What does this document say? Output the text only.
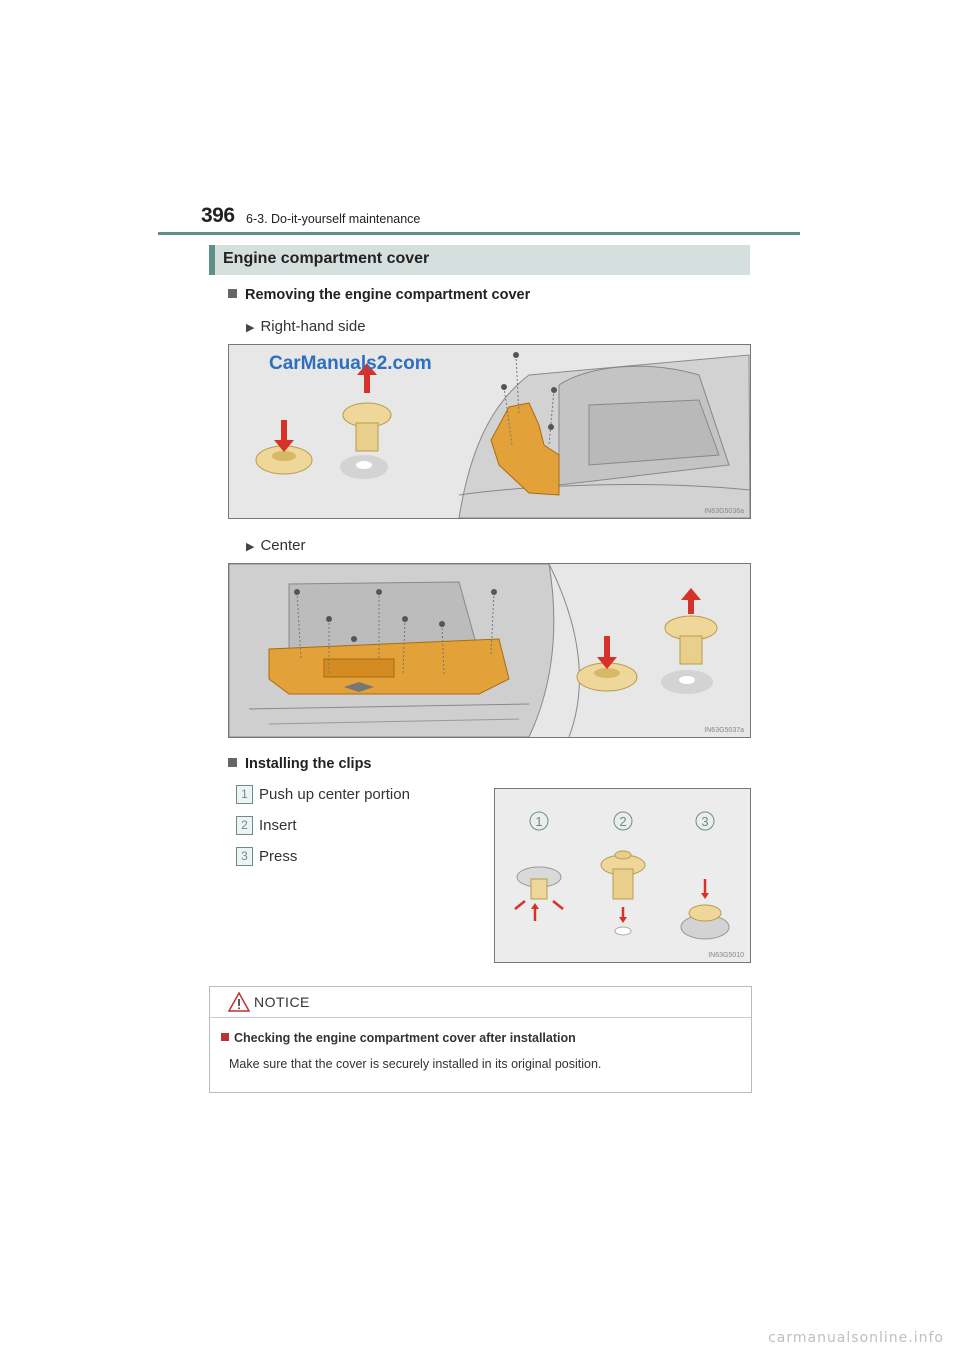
396 6-3. Do-it-yourself maintenance
Engine compartment cover
Removing the engine compartment cover
▶ Right-hand side
CarManuals2.com
IN63G5036a
▶ Center
IN63G5037a
Installing the clips
1 Push up center portion
2 Insert
3 Press
1	2	3
IN63G5010
NOTICE
Checking the engine compartment cover after installation
Make sure that the cover is securely installed in its original position.
carmanualsonline.info
